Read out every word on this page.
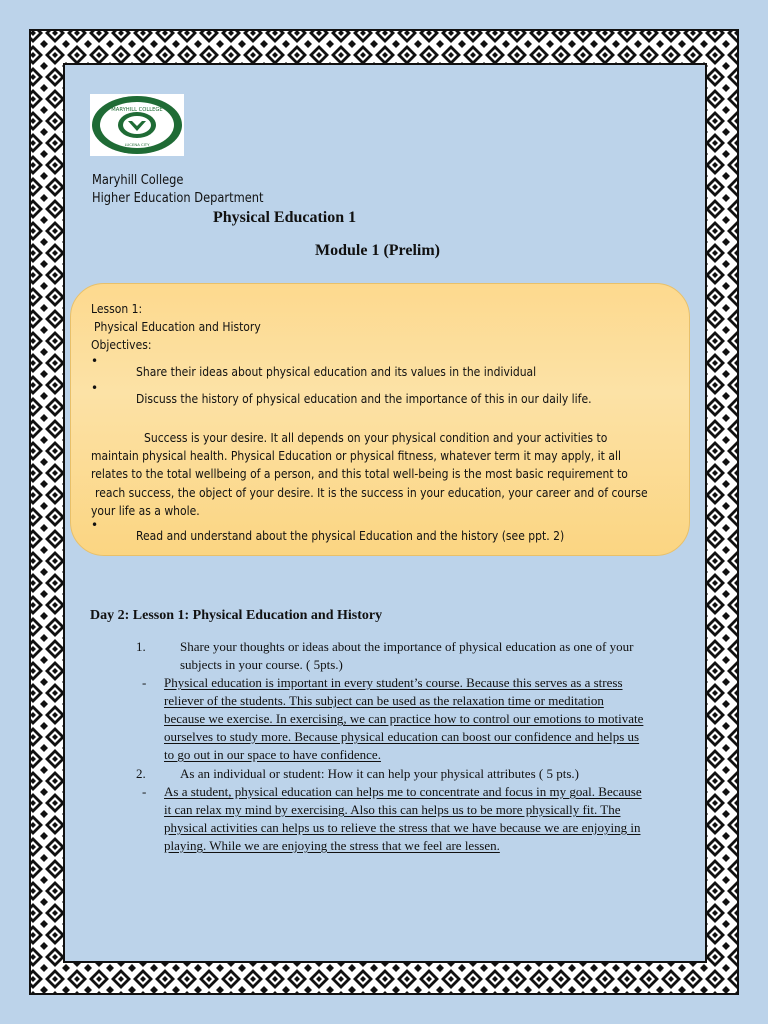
MARYHILL COLLEGE
LUCENA CITY
Maryhill College
Higher Education Department
Physical Education 1
Module 1 (Prelim)
Lesson 1:
Physical Education and History
Objectives:
•
Share their ideas about physical education and its values in the individual
•
Discuss the history of physical education and the importance of this in our daily life.
Success is your desire. It all depends on your physical condition and your activities to
maintain physical health. Physical Education or physical fitness, whatever term it may apply, it all
relates to the total wellbeing of a person, and this total well-being is the most basic requirement to
reach success, the object of your desire. It is the success in your education, your career and of course
your life as a whole.
•
Read and understand about the physical Education and the history (see ppt. 2)
Day 2: Lesson 1: Physical Education and History
1.	Share your thoughts or ideas about the importance of physical education as one of your
subjects in your course. ( 5pts.)
- Physical education is important in every student’s course. Because this serves as a stress
reliever of the students. This subject can be used as the relaxation time or meditation
because we exercise. In exercising, we can practice how to control our emotions to motivate
ourselves to study more. Because physical education can boost our confidence and helps us
to go out in our space to have confidence.
2.	As an individual or student: How it can help your physical attributes ( 5 pts.)
- As a student, physical education can helps me to concentrate and focus in my goal. Because
it can relax my mind by exercising. Also this can helps us to be more physically fit. The
physical activities can helps us to relieve the stress that we have because we are enjoying in
playing. While we are enjoying the stress that we feel are lessen.
